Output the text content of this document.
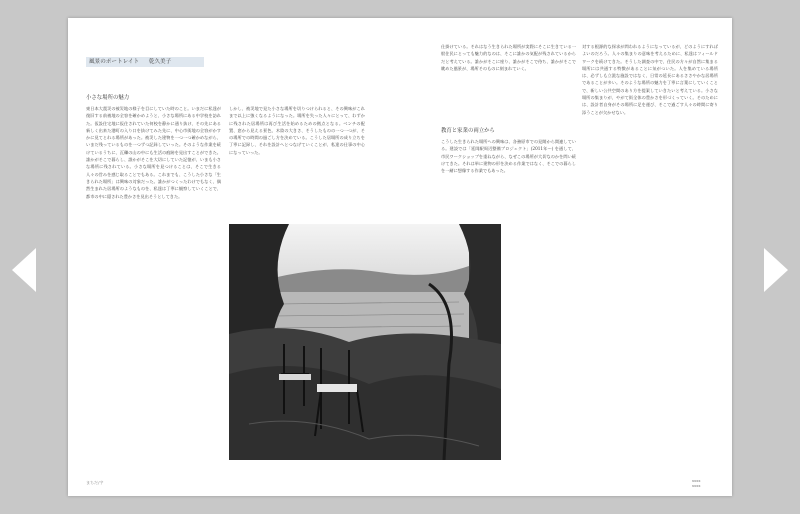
風景のポートレイト 乾久美子
小さな場所の魅力
東日本大震災の被災地の様子を目にしていた時のこと。いまだに私達が復旧する前被地の全容を確かめようと、小さな場所にある中学校を訪れた。仮設住宅地に仮住されていた何校を静かに通り抜け、その先にある新しく出来た港町の入り口を抜けてみた先に、中心市街地の全容がかすかに見てとれる場所があった。被災した建物を一つ一つ確かめながら、いまだ残っているものを一つずつ記録していった。そのような作業を続けているうちに、瓦礫の山の中にも生活の痕跡を見出すことができた。誰かがそこで暮らし、誰かがそこを大切にしていた記憶が、いまも小さな場所に残されている。小さな場所を見つけることは、そこで生きる人々の営みを感じ取ることでもある。これまでも、こうした小さな「生きられた場所」は興味の対象だった。誰かがつくったわけでもなく、偶然生まれた居場所のようなものを、私達は丁寧に観察していくことで、都市の中に隠された豊かさを見出そうとしてきた。
しかし、被災地で見た小さな場所を切りつけられると、その興味がこれまで以上に強くなるようになった。場所を失った人々にとって、わずかに残された居場所は再び生活を始めるための拠点となる。ベンチの配置、窓から見える景色、木陰の大きさ、そうしたものの一つ一つが、その場所での時間の過ごし方を決めている。こうした居場所の成り立ちを丁寧に記録し、それを設計へとつなげていくことが、私達の仕事の中心になっていった。
仕掛けている。それはなう生きられた場所が実際にそこに生きている一般住民にとっても魅力的なのは、そこに誰かの気配が残されているからだと考えている。誰かがそこに座り、誰かがそこで待ち、誰かがそこで眺めた風景が、場所そのものに刻まれていく。
教育と家業の両立から
こうした生きられた場所への興味は、各務原市での見聞から関連している。建設では「延岡駅周辺整備プロジェクト」(2011年～) を通して、市民ワークショップを重ねながら、なぜこの場所が大切なのかを問い続けてきた。それは単に建物の形を決める作業ではなく、そこでの暮らしを一緒に想像する作業でもあった。
対する根源的な探求が問われるようになっているが、どのようにすればよいのだろう。人々の集まりの意味を考えるために、私達はフィールドワークを続けてきた。そうした調査の中で、住民の方々が自然に集まる場所には共通する特徴があることに気がついた。人を集めている場所は、必ずしも立派な施設ではなく、日常の延長にあるささやかな居場所であることが多い。そのような場所の魅力を丁寧に言葉にしていくことで、新しい公共空間のあり方を提案していきたいと考えている。小さな場所の集まりが、やがて街全体の豊かさを形づくっていく。そのためには、設計者自身がその場所に足を運び、そこで過ごす人々の時間に寄り添うことが欠かせない。
まちだ/字	xxxx
xxxx
